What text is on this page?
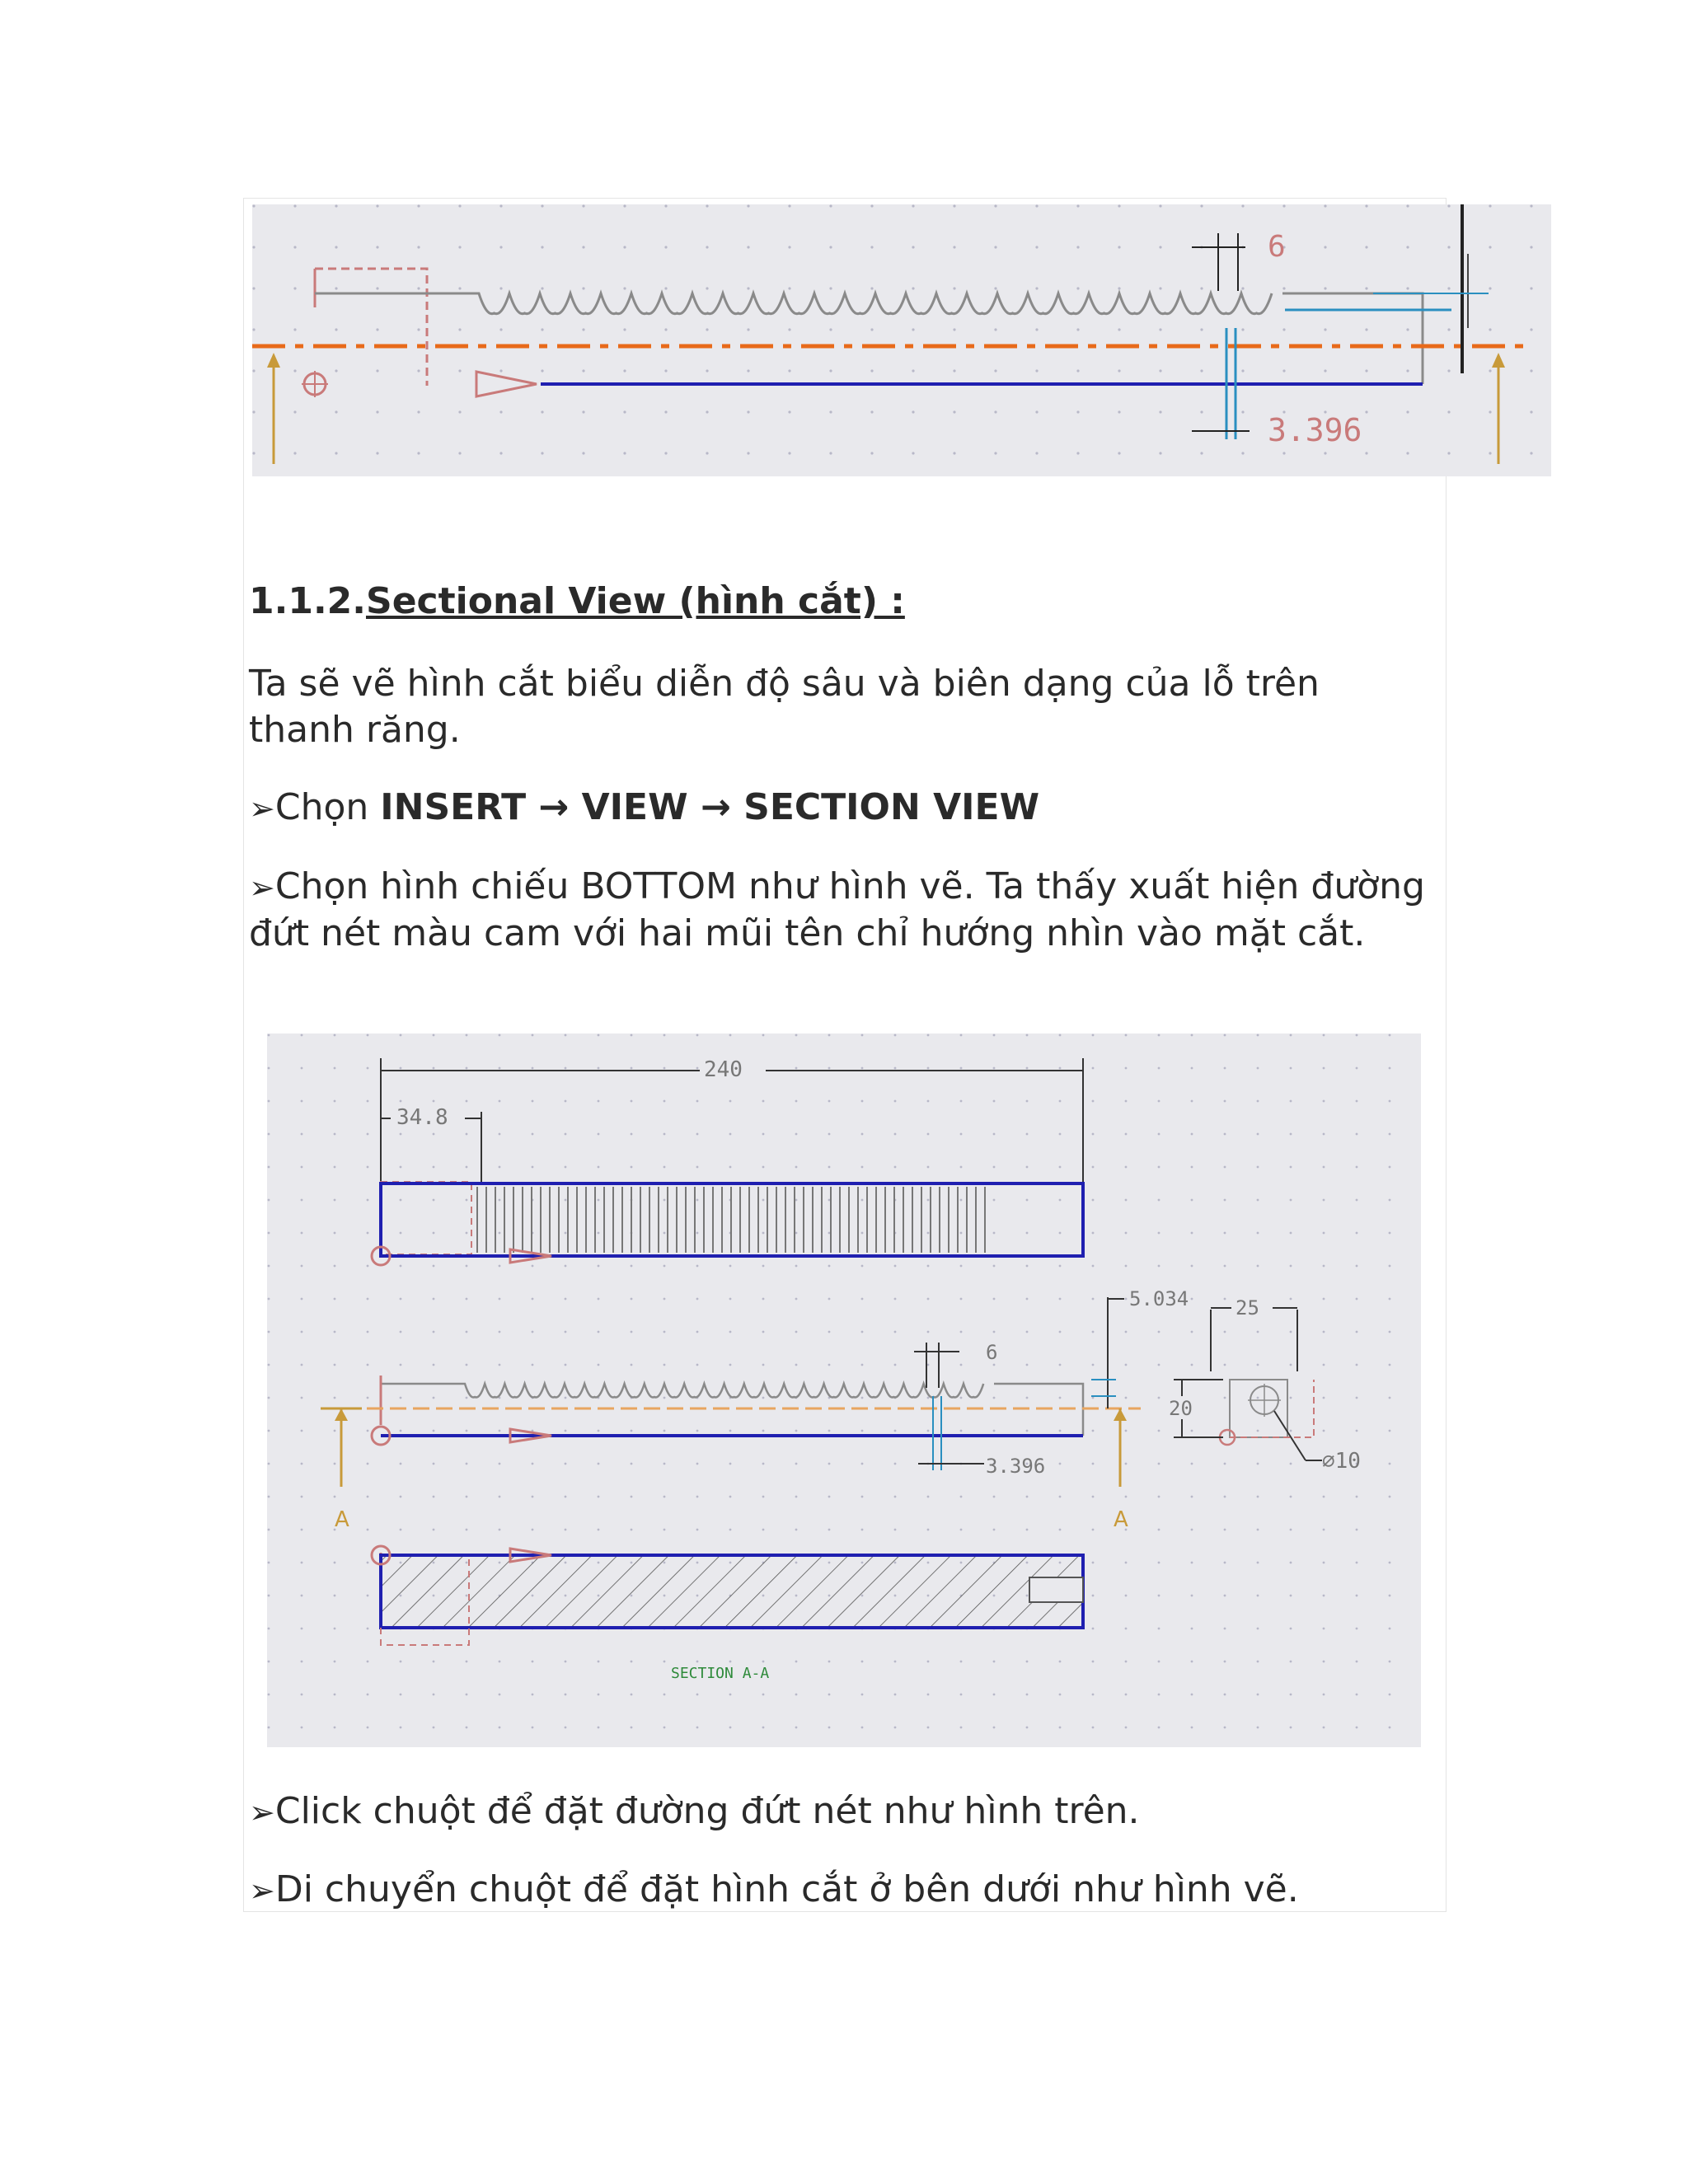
6
3.396
1.1.2.Sectional View (hình cắt) :
Ta sẽ vẽ hình cắt biểu diễn độ sâu và biên dạng của lỗ trên thanh răng.
➢Chọn INSERT → VIEW → SECTION VIEW
➢Chọn hình chiếu BOTTOM như hình vẽ. Ta thấy xuất hiện đường đứt nét màu cam với hai mũi tên chỉ hướng nhìn vào mặt cắt.
240
34.8
A	A
6
3.396
5.034 25
20
⌀10
SECTION A-A
➢Click chuột để đặt đường đứt nét như hình trên.
➢Di chuyển chuột để đặt hình cắt ở bên dưới như hình vẽ.
